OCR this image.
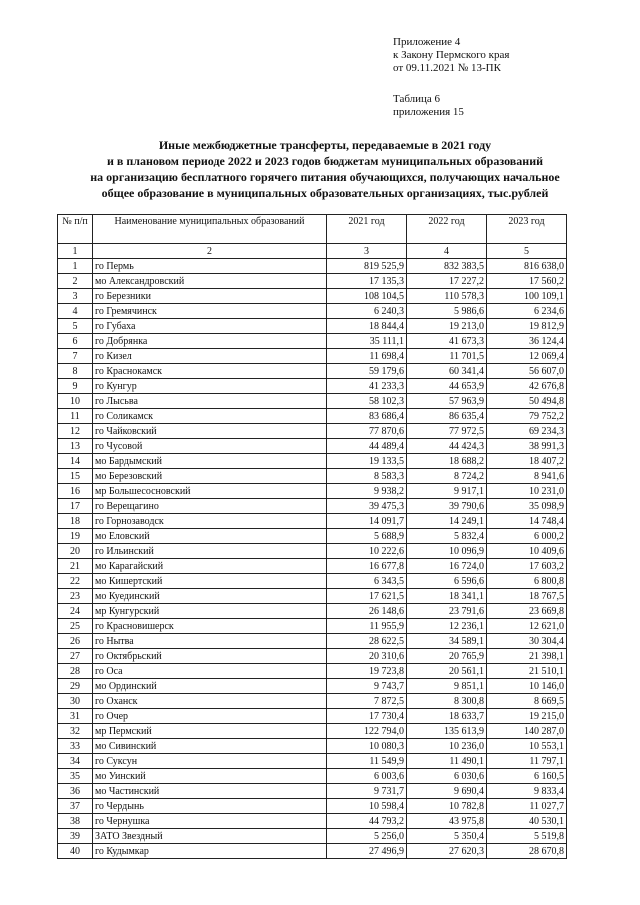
Приложение 4
к Закону Пермского края
от 09.11.2021 № 13-ПК
Таблица 6
приложения 15
Иные межбюджетные трансферты, передаваемые в 2021 году
и в плановом периоде 2022 и 2023 годов бюджетам муниципальных образований
на организацию бесплатного горячего питания обучающихся, получающих начальное
общее образование в муниципальных образовательных организациях, тыс.рублей
№ п/п	Наименование муниципальных образований	2021 год	2022 год	2023 год
1	2	3	4	5
1	го Пермь	819 525,9	832 383,5	816 638,0
2	мо Александровский	17 135,3	17 227,2	17 560,2
3	го Березники	108 104,5	110 578,3	100 109,1
4	го Гремячинск	6 240,3	5 986,6	6 234,6
5	го Губаха	18 844,4	19 213,0	19 812,9
6	го Добрянка	35 111,1	41 673,3	36 124,4
7	го Кизел	11 698,4	11 701,5	12 069,4
8	го Краснокамск	59 179,6	60 341,4	56 607,0
9	го Кунгур	41 233,3	44 653,9	42 676,8
10	го Лысьва	58 102,3	57 963,9	50 494,8
11	го Соликамск	83 686,4	86 635,4	79 752,2
12	го Чайковский	77 870,6	77 972,5	69 234,3
13	го Чусовой	44 489,4	44 424,3	38 991,3
14	мо Бардымский	19 133,5	18 688,2	18 407,2
15	мо Березовский	8 583,3	8 724,2	8 941,6
16	мр Большесосновский	9 938,2	9 917,1	10 231,0
17	го Верещагино	39 475,3	39 790,6	35 098,9
18	го Горнозаводск	14 091,7	14 249,1	14 748,4
19	мо Еловский	5 688,9	5 832,4	6 000,2
20	го Ильинский	10 222,6	10 096,9	10 409,6
21	мо Карагайский	16 677,8	16 724,0	17 603,2
22	мо Кишертский	6 343,5	6 596,6	6 800,8
23	мо Куединский	17 621,5	18 341,1	18 767,5
24	мр Кунгурский	26 148,6	23 791,6	23 669,8
25	го Красновишерск	11 955,9	12 236,1	12 621,0
26	го Нытва	28 622,5	34 589,1	30 304,4
27	го Октябрьский	20 310,6	20 765,9	21 398,1
28	го Оса	19 723,8	20 561,1	21 510,1
29	мо Ординский	9 743,7	9 851,1	10 146,0
30	го Оханск	7 872,5	8 300,8	8 669,5
31	го Очер	17 730,4	18 633,7	19 215,0
32	мр Пермский	122 794,0	135 613,9	140 287,0
33	мо Сивинский	10 080,3	10 236,0	10 553,1
34	го Суксун	11 549,9	11 490,1	11 797,1
35	мо Уинский	6 003,6	6 030,6	6 160,5
36	мо Частинский	9 731,7	9 690,4	9 833,4
37	го Чердынь	10 598,4	10 782,8	11 027,7
38	го Чернушка	44 793,2	43 975,8	40 530,1
39	ЗАТО Звездный	5 256,0	5 350,4	5 519,8
40	го Кудымкар	27 496,9	27 620,3	28 670,8
